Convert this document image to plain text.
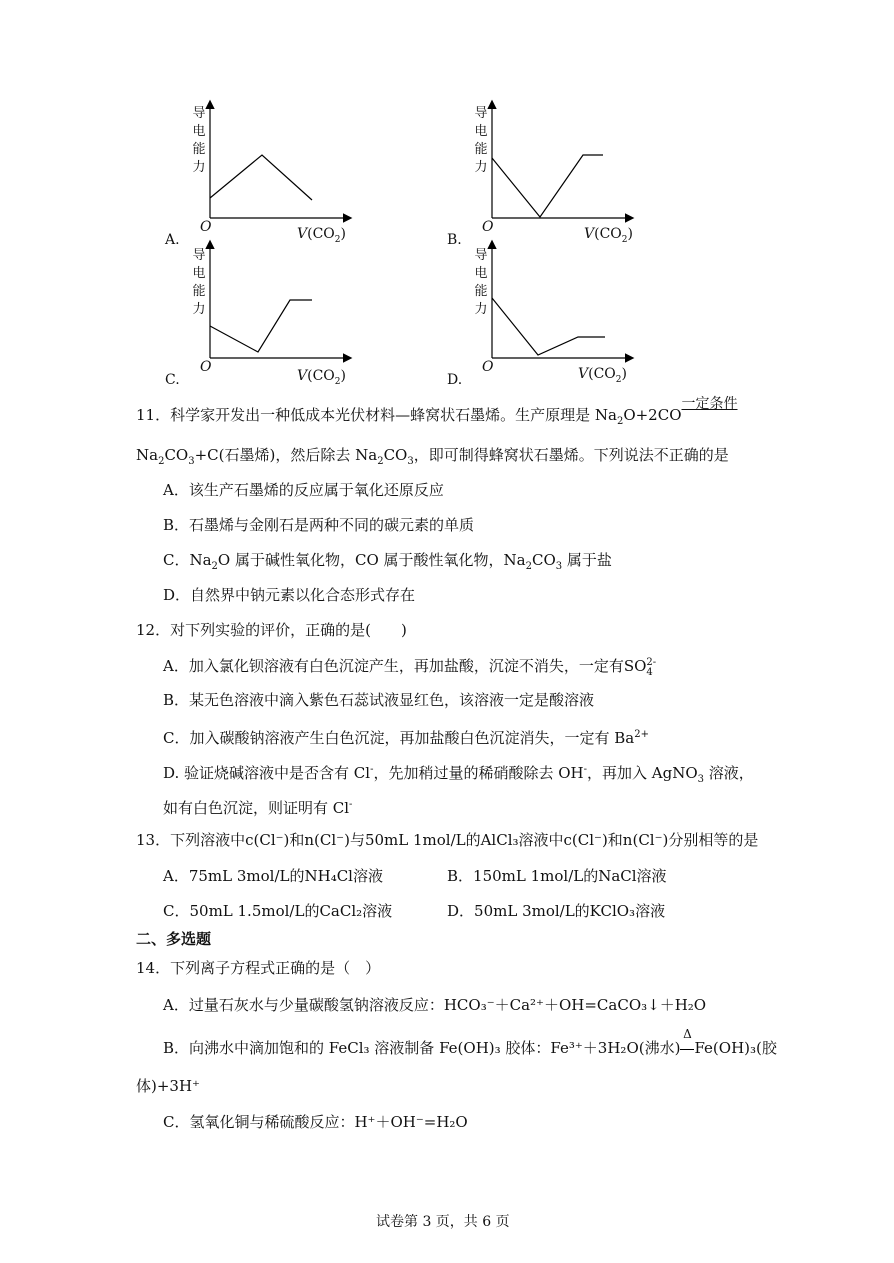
导
电
能
力
O	$V(CO_2)$
A.
导
电
能
力
O	$V(CO_2)$
B.
导
电
能
力
O
$V(CO_2)$
C.
导
电
能
力
O	$V(CO_2)$
D.
11．科学家开发出一种低成本光伏材料—蜂窝状石墨烯。生产原理是 $Na_2O+2CO$一定条件
$Na_2CO_3+C$(石墨烯)，然后除去 $Na_2CO_3$，即可制得蜂窝状石墨烯。下列说法不正确的是
A．该生产石墨烯的反应属于氧化还原反应
B．石墨烯与金刚石是两种不同的碳元素的单质
C．$Na_2O$ 属于碱性氧化物，CO 属于酸性氧化物，$Na_2CO_3$ 属于盐
D．自然界中钠元素以化合态形式存在
12．对下列实验的评价，正确的是(　　)
A．加入氯化钡溶液有白色沉淀产生，再加盐酸，沉淀不消失，一定有SO 2-
4
B．某无色溶液中滴入紫色石蕊试液显红色，该溶液一定是酸溶液
C．加入碳酸钠溶液产生白色沉淀，再加盐酸白色沉淀消失，一定有 $Ba^{2+}$
D. 验证烧碱溶液中是否含有 Cl-，先加稍过量的稀硝酸除去 OH-，再加入 AgNO$_3$ 溶液，
如有白色沉淀，则证明有 Cl-
13．下列溶液中c(Cl⁻)和n(Cl⁻)与50mL 1mol/L的AlCl₃溶液中c(Cl⁻)和n(Cl⁻)分别相等的是
A．75mL 3mol/L的NH₄Cl溶液	B．150mL 1mol/L的NaCl溶液
C．50mL 1.5mol/L的CaCl₂溶液	D．50mL 3mol/L的KClO₃溶液
二、多选题
14．下列离子方程式正确的是（　）
A．过量石灰水与少量碳酸氢钠溶液反应：HCO₃⁻＋Ca²⁺＋OH=CaCO₃↓＋H₂O
B．向沸水中滴加饱和的 FeCl₃ 溶液制备 Fe(OH)₃ 胶体：Fe³⁺＋3H₂O(沸水)
Δ
Fe(OH)₃(胶
体)+3H⁺
C．氢氧化铜与稀硫酸反应：H⁺＋OH⁻=H₂O
试卷第 3 页，共 6 页
